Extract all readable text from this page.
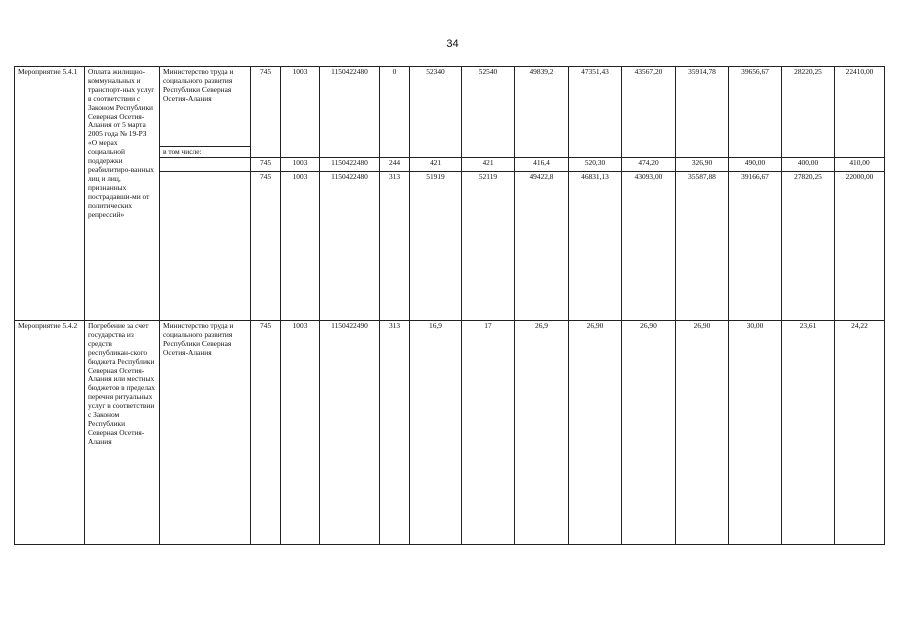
34
Мероприятие 5.4.1	Оплата жилищно-коммунальных и транспорт-ных услуг в соответствии с Законом Республики Северная Осетия-Алания от 5 марта 2005 года № 19-РЗ «О мерах социальной поддержки реабилитиро-ванных лиц и лиц, признанных пострадавши-ми от политических репрессий»	Министерство труда и социального развития Республики Северная Осетия-Алания	745	1003	1150422480	0	52340	52540	49839,2	47351,43	43567,20	35914,78	39656,67	28220,25	22410,00
		в том числе:													
			745	1003	1150422480	244	421	421	416,4	520,30	474,20	326,90	490,00	400,00	410,00
			745	1003	1150422480	313	51919	52119	49422,8	46831,13	43093,00	35587,88	39166,67	27820,25	22000,00
Мероприятие 5.4.2	Погребение за счет государства из средств республикан-ского бюджета Республики Северная Осетия-Алания или местных бюджетов в пределах перечня ритуальных услуг в соответствии с Законом Республики Северная Осетия-Алания	Министерство труда и социального развития Республики Северная Осетия-Алания	745	1003	1150422490	313	16,9	17	26,9	26,90	26,90	26,90	30,00	23,61	24,22
